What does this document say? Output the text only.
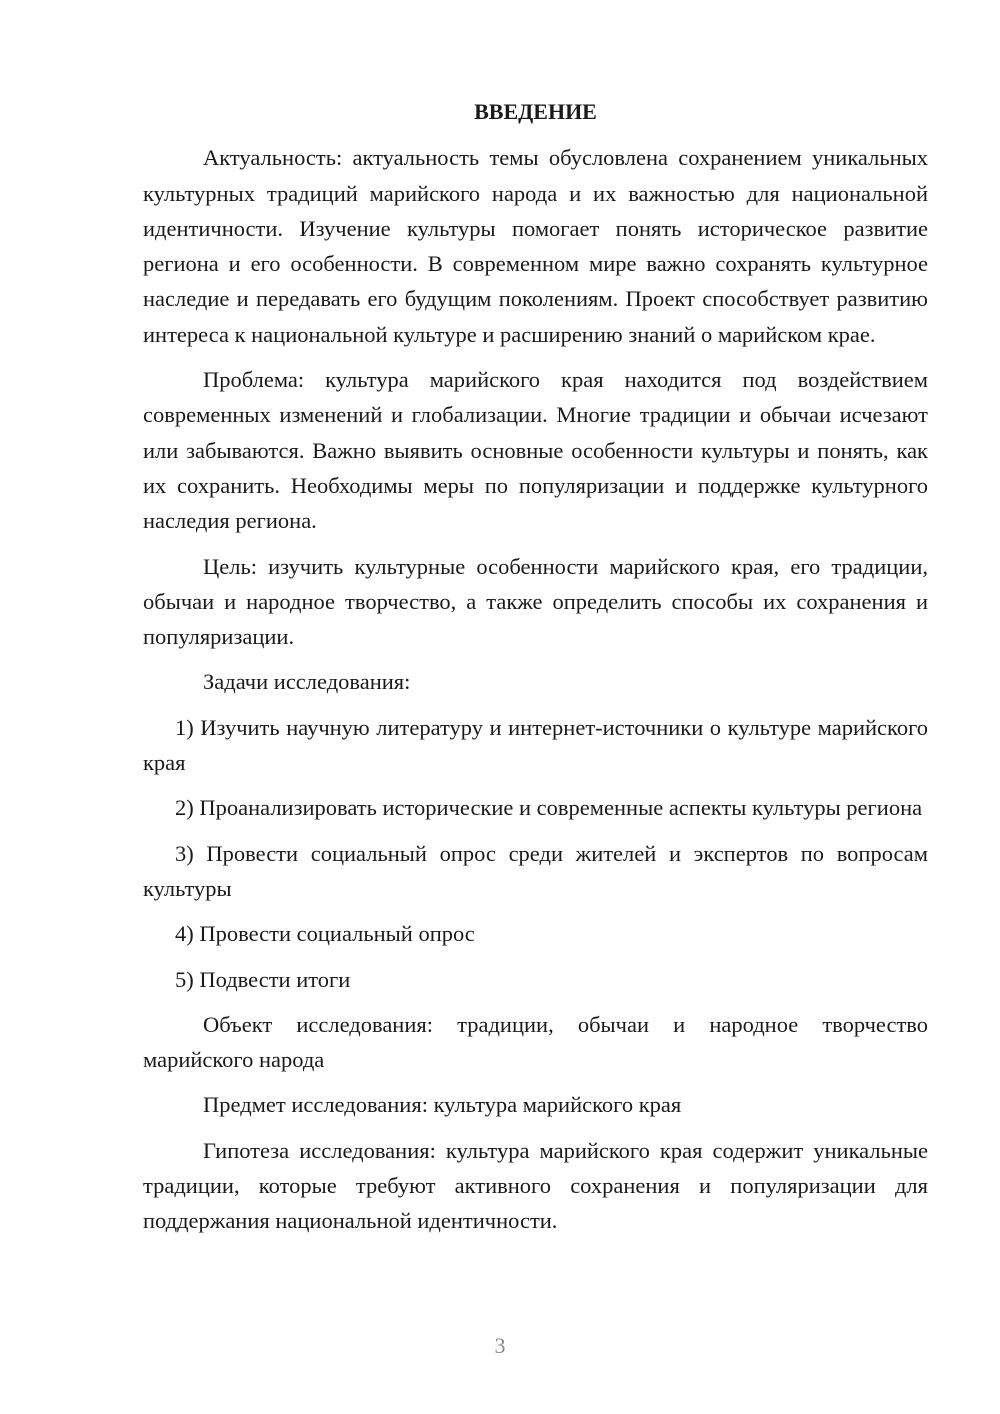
ВВЕДЕНИЕ

Актуальность: актуальность темы обусловлена сохранением уникальных культурных традиций марийского народа и их важностью для национальной идентичности. Изучение культуры помогает понять историческое развитие региона и его особенности. В современном мире важно сохранять культурное наследие и передавать его будущим поколениям. Проект способствует развитию интереса к национальной культуре и расширению знаний о марийском крае.

Проблема: культура марийского края находится под воздействием современных изменений и глобализации. Многие традиции и обычаи исчезают или забываются. Важно выявить основные особенности культуры и понять, как их сохранить. Необходимы меры по популяризации и поддержке культурного наследия региона.

Цель: изучить культурные особенности марийского края, его традиции, обычаи и народное творчество, а также определить способы их сохранения и популяризации.

Задачи исследования:

1) Изучить научную литературу и интернет-источники о культуре марийского края

2) Проанализировать исторические и современные аспекты культуры региона

3) Провести социальный опрос среди жителей и экспертов по вопросам культуры

4) Провести социальный опрос

5) Подвести итоги

Объект исследования: традиции, обычаи и народное творчество марийского народа

Предмет исследования: культура марийского края

Гипотеза исследования: культура марийского края содержит уникальные традиции, которые требуют активного сохранения и популяризации для поддержания национальной идентичности.

3
